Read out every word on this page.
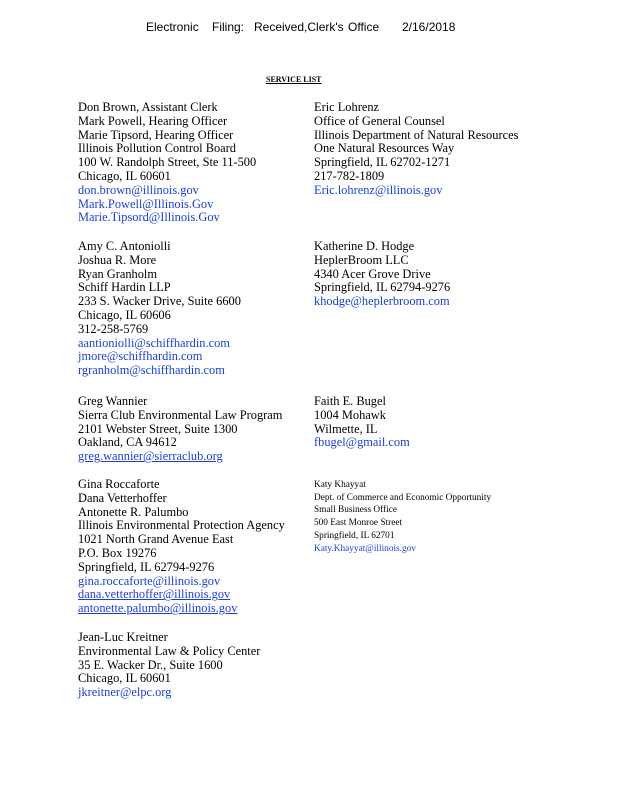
Electronic

Filing:

Received,Clerk's

Office

2/16/2018

SERVICE LIST
Don Brown, Assistant Clerk
Mark Powell, Hearing Officer
Marie Tipsord, Hearing Officer
Illinois Pollution Control Board
100 W. Randolph Street, Ste 11-500
Chicago, IL 60601
don.brown@illinois.gov
Mark.Powell@Illinois.Gov
Marie.Tipsord@Illinois.Gov
Amy C. Antoniolli
Joshua R. More
Ryan Granholm
Schiff Hardin LLP
233 S. Wacker Drive, Suite 6600
Chicago, IL 60606
312-258-5769
aantioniolli@schiffhardin.com
jmore@schiffhardin.com
rgranholm@schiffhardin.com
Greg Wannier
Sierra Club Environmental Law Program
2101 Webster Street, Suite 1300
Oakland, CA 94612
greg.wannier@sierraclub.org
Gina Roccaforte
Dana Vetterhoffer
Antonette R. Palumbo
Illinois Environmental Protection Agency
1021 North Grand Avenue East
P.O. Box 19276
Springfield, IL 62794-9276
gina.roccaforte@illinois.gov
dana.vetterhoffer@illinois.gov
antonette.palumbo@illinois.gov
Jean-Luc Kreitner
Environmental Law & Policy Center
35 E. Wacker Dr., Suite 1600
Chicago, IL 60601
jkreitner@elpc.org
Eric Lohrenz
Office of General Counsel
Illinois Department of Natural Resources
One Natural Resources Way
Springfield, IL 62702-1271
217-782-1809
Eric.lohrenz@illinois.gov
Katherine D. Hodge
HeplerBroom LLC
4340 Acer Grove Drive
Springfield, IL 62794-9276
khodge@heplerbroom.com
Faith E. Bugel
1004 Mohawk
Wilmette, IL
fbugel@gmail.com
Katy Khayyat
Dept. of Commerce and Economic Opportunity
Small Business Office
500 East Monroe Street
Springfield, IL 62701
Katy.Khayyat@illinois.gov
